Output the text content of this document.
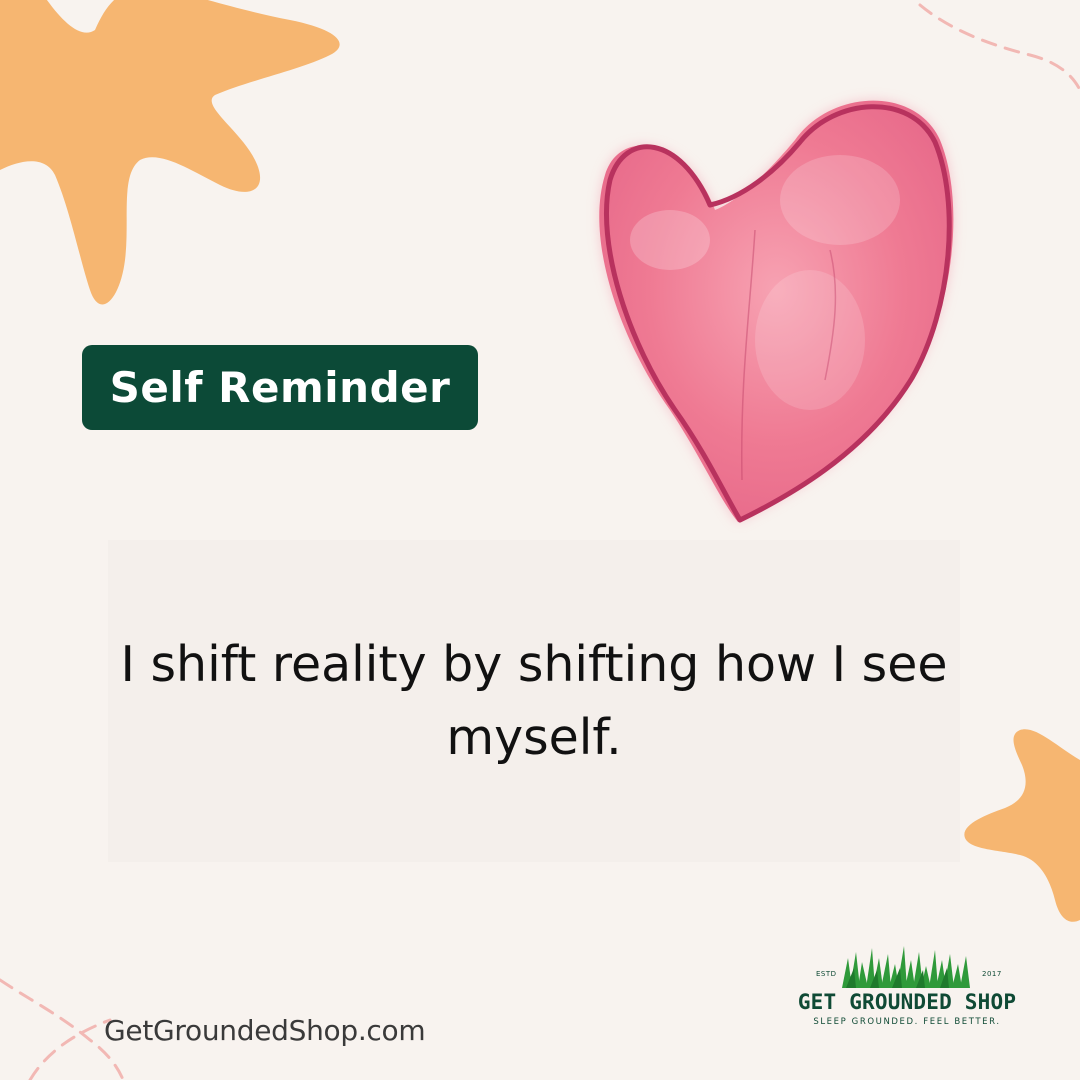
Self Reminder

I shift reality by shifting how I see myself.

GetGroundedShop.com
ESTD	2017
GET GROUNDED SHOP
SLEEP GROUNDED. FEEL BETTER.
